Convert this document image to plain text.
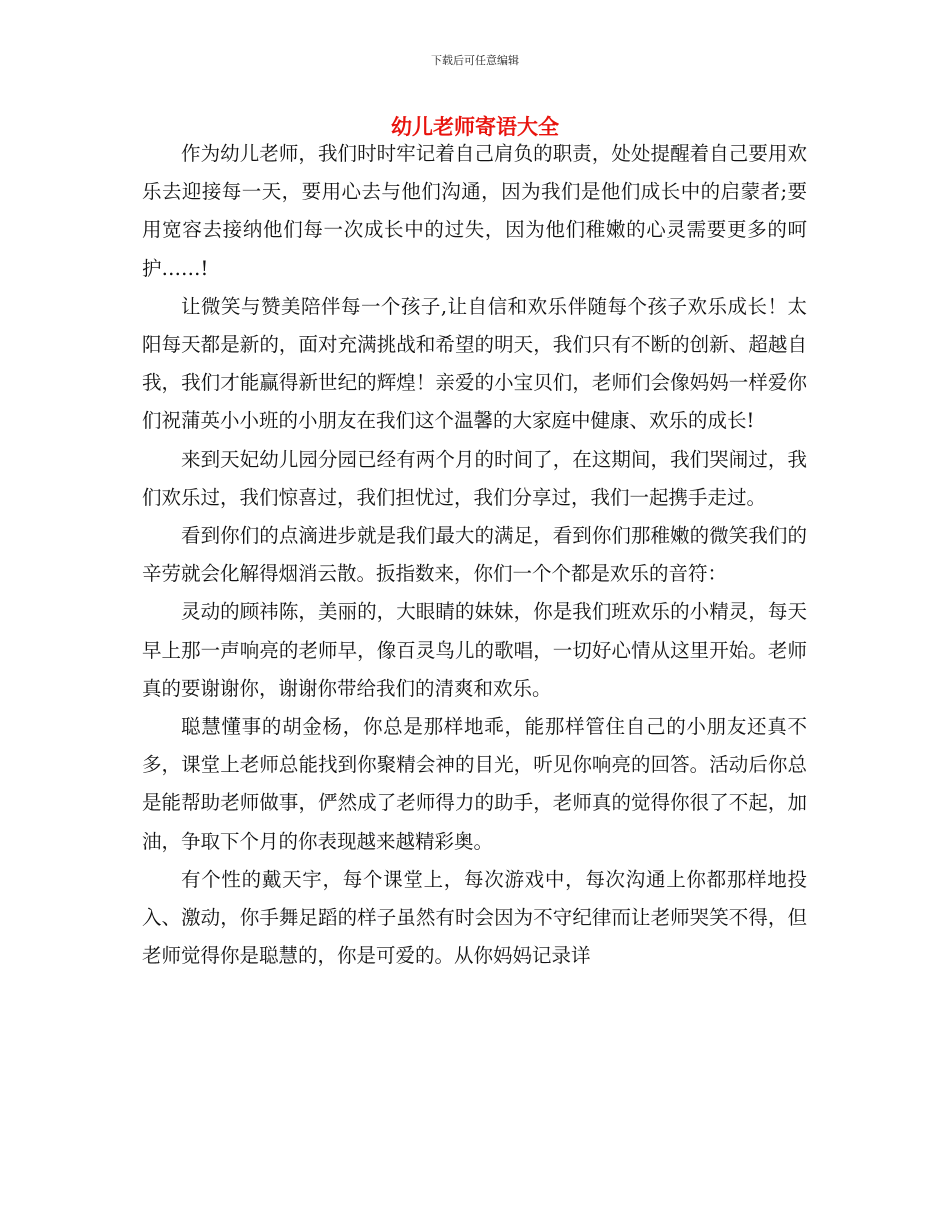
下载后可任意编辑
幼儿老师寄语大全

作为幼儿老师，我们时时牢记着自己肩负的职责，处处提醒着自己要用欢乐去迎接每一天，要用心去与他们沟通，因为我们是他们成长中的启蒙者;要用宽容去接纳他们每一次成长中的过失，因为他们稚嫩的心灵需要更多的呵护……!

让微笑与赞美陪伴每一个孩子,让自信和欢乐伴随每个孩子欢乐成长！太阳每天都是新的，面对充满挑战和希望的明天，我们只有不断的创新、超越自我，我们才能赢得新世纪的辉煌！亲爱的小宝贝们，老师们会像妈妈一样爱你们祝蒲英小小班的小朋友在我们这个温馨的大家庭中健康、欢乐的成长!

来到天妃幼儿园分园已经有两个月的时间了，在这期间，我们哭闹过，我们欢乐过，我们惊喜过，我们担忧过，我们分享过，我们一起携手走过。

看到你们的点滴进步就是我们最大的满足，看到你们那稚嫩的微笑我们的辛劳就会化解得烟消云散。扳指数来，你们一个个都是欢乐的音符：

灵动的顾祎陈，美丽的，大眼睛的妹妹，你是我们班欢乐的小精灵，每天早上那一声响亮的老师早，像百灵鸟儿的歌唱，一切好心情从这里开始。老师真的要谢谢你，谢谢你带给我们的清爽和欢乐。

聪慧懂事的胡金杨，你总是那样地乖，能那样管住自己的小朋友还真不多，课堂上老师总能找到你聚精会神的目光，听见你响亮的回答。活动后你总是能帮助老师做事，俨然成了老师得力的助手，老师真的觉得你很了不起，加油，争取下个月的你表现越来越精彩奥。

有个性的戴天宇，每个课堂上，每次游戏中，每次沟通上你都那样地投入、激动，你手舞足蹈的样子虽然有时会因为不守纪律而让老师哭笑不得，但老师觉得你是聪慧的，你是可爱的。从你妈妈记录详
